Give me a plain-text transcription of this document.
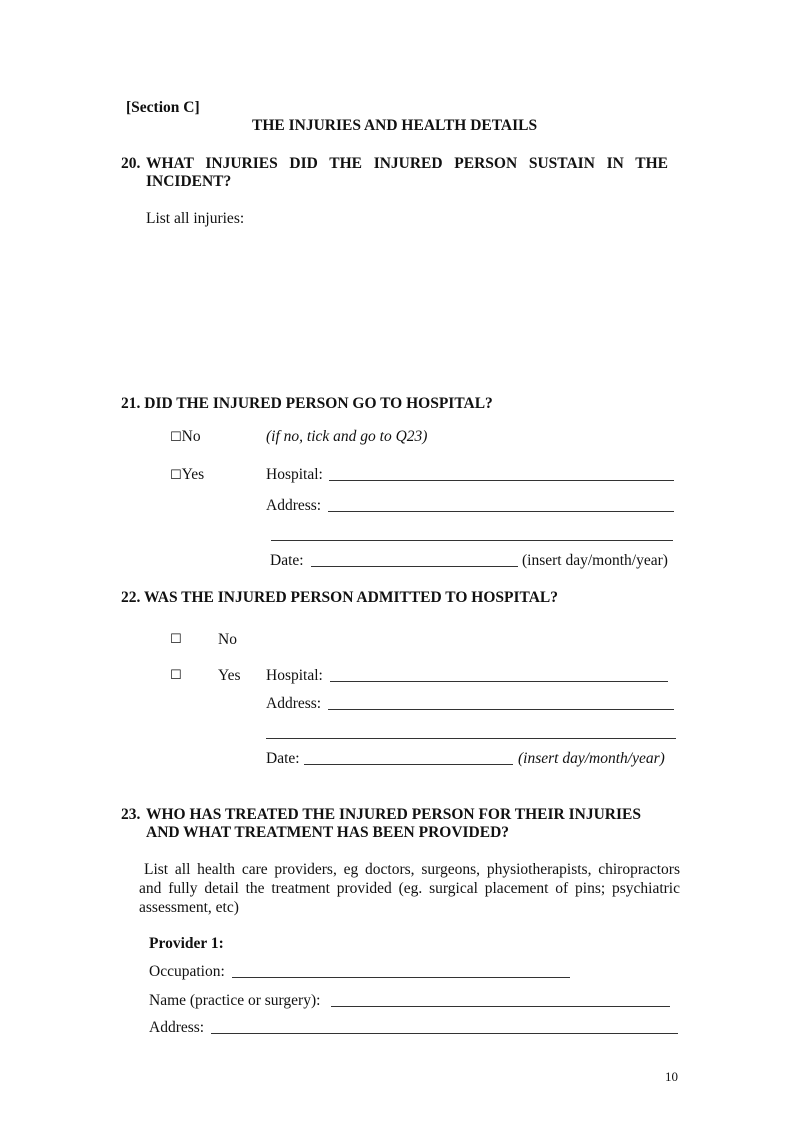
[Section C]
THE INJURIES AND HEALTH DETAILS
20. WHAT INJURIES DID THE INJURED PERSON SUSTAIN IN THE
INCIDENT?
List all injuries:
21. DID THE INJURED PERSON GO TO HOSPITAL?
☐No	(if no, tick and go to Q23)
☐Yes	Hospital:
Address:
Date:	(insert day/month/year)
22. WAS THE INJURED PERSON ADMITTED TO HOSPITAL?
☐ No
☐ Yes Hospital:
Address:
Date:	(insert day/month/year)
23. WHO HAS TREATED THE INJURED PERSON FOR THEIR INJURIES
AND WHAT TREATMENT HAS BEEN PROVIDED?
List all health care providers, eg doctors, surgeons, physiotherapists, chiropractors
and fully detail the treatment provided (eg. surgical placement of pins; psychiatric
assessment, etc)
Provider 1:
Occupation:
Name (practice or surgery):
Address:
10
